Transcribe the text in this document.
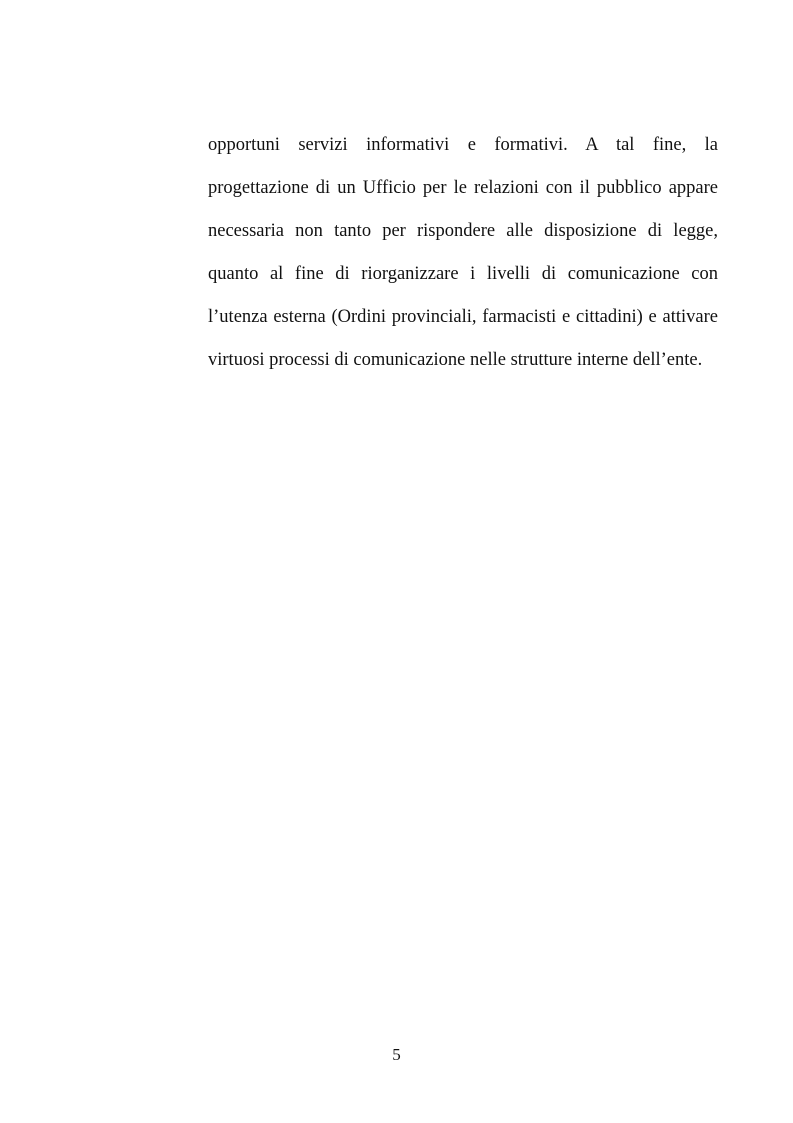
opportuni servizi informativi e formativi. A tal fine, la
progettazione di un Ufficio per le relazioni con il pubblico appare
necessaria non tanto per rispondere alle disposizione di legge,
quanto al fine di riorganizzare i livelli di comunicazione con
l’utenza esterna (Ordini provinciali, farmacisti e cittadini) e attivare
virtuosi processi di comunicazione nelle strutture interne dell’ente.
5
